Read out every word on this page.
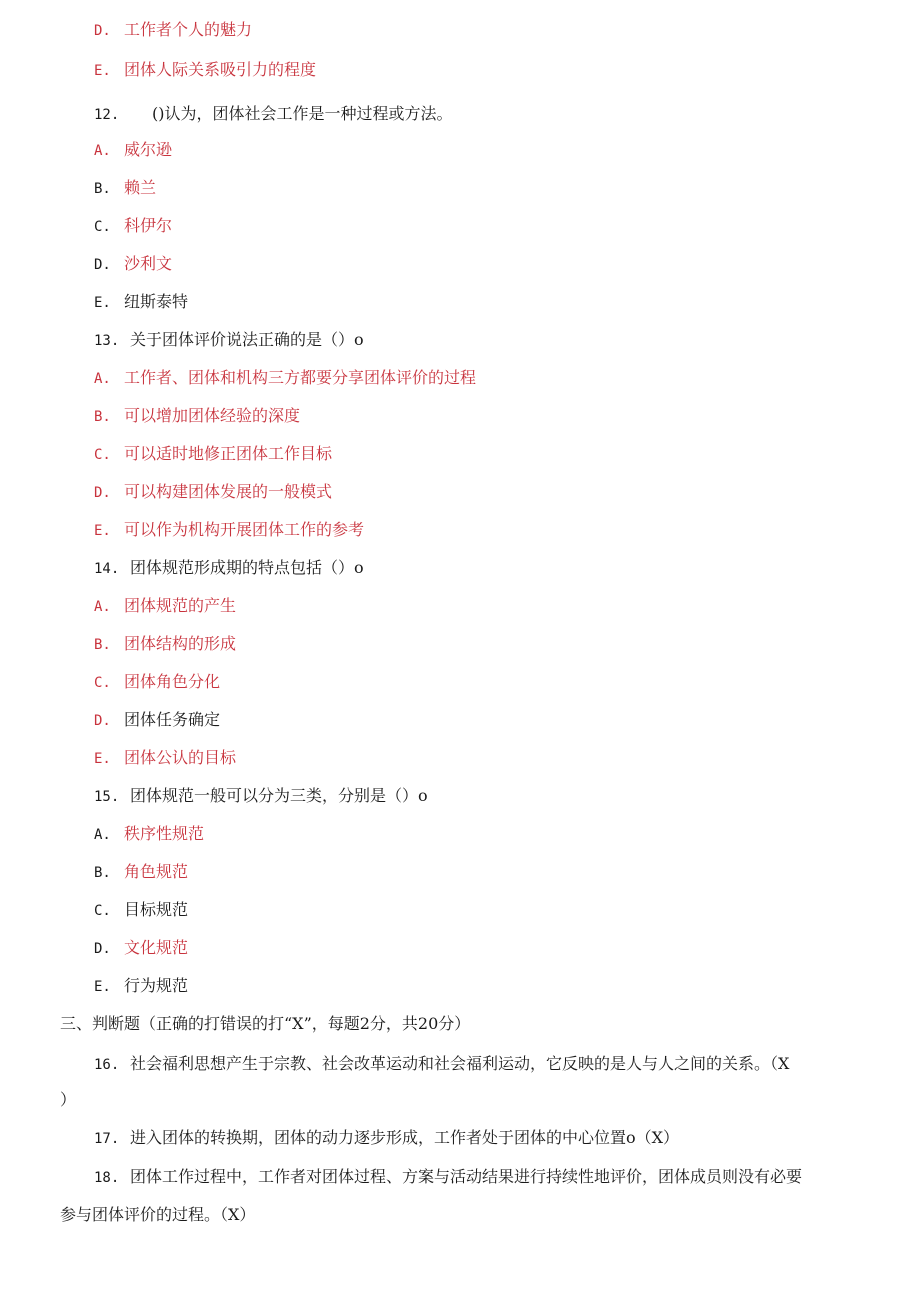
D. 工作者个人的魅力
E. 团体人际关系吸引力的程度
12. ()认为，团体社会工作是一种过程或方法。
A. 威尔逊
B. 赖兰
C. 科伊尔
D. 沙利文
E. 纽斯泰特
13. 关于团体评价说法正确的是（）o
A. 工作者、团体和机构三方都要分享团体评价的过程
B. 可以增加团体经验的深度
C. 可以适时地修正团体工作目标
D. 可以构建团体发展的一般模式
E. 可以作为机构开展团体工作的参考
14. 团体规范形成期的特点包括（）o
A. 团体规范的产生
B. 团体结构的形成
C. 团体角色分化
D. 团体任务确定
E. 团体公认的目标
15. 团体规范一般可以分为三类，分别是（）o
A. 秩序性规范
B. 角色规范
C. 目标规范
D. 文化规范
E. 行为规范
三、判断题（正确的打错误的打“X”，每题2分，共20分）
16. 社会福利思想产生于宗教、社会改革运动和社会福利运动，它反映的是人与人之间的关系。（X
）
17. 进入团体的转换期，团体的动力逐步形成，工作者处于团体的中心位置o（X）
18. 团体工作过程中，工作者对团体过程、方案与活动结果进行持续性地评价，团体成员则没有必要
参与团体评价的过程。（X）
